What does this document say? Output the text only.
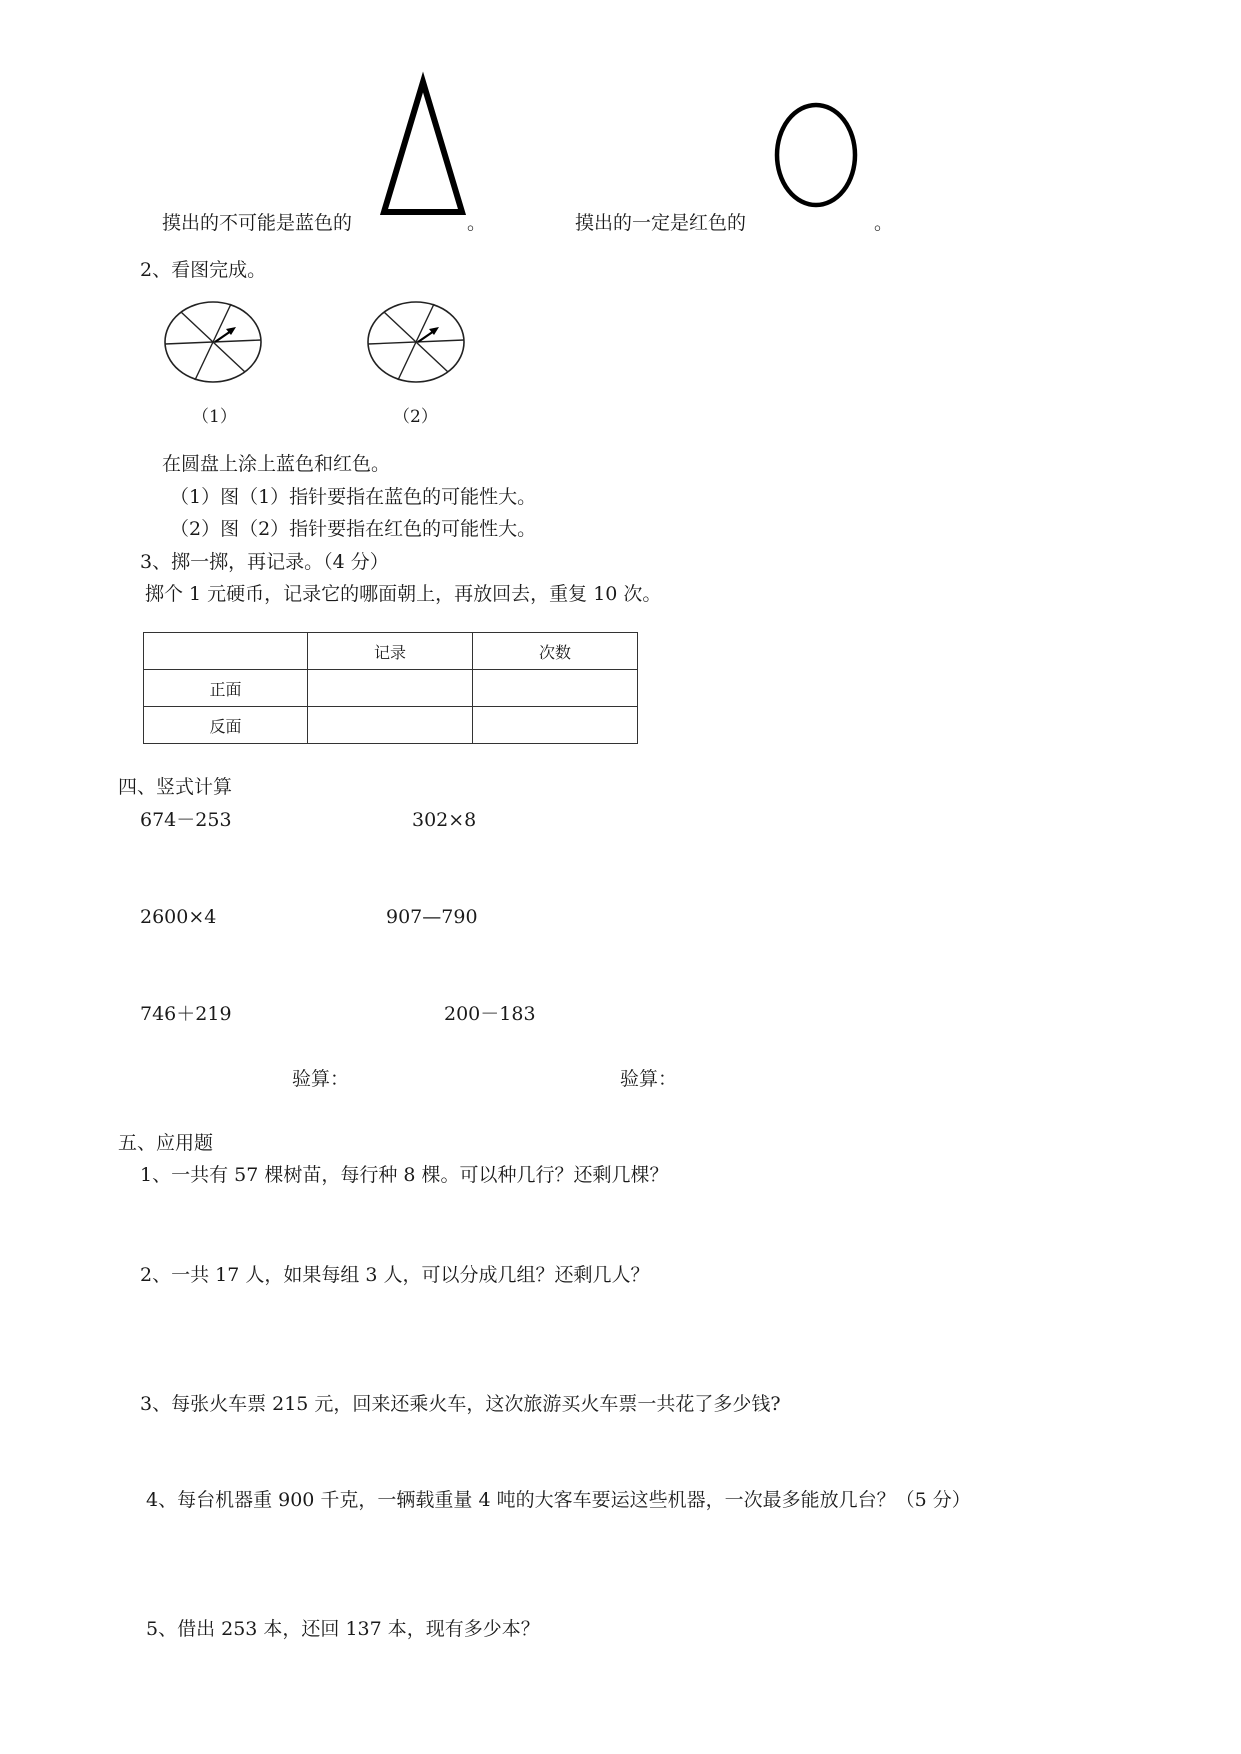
摸出的不可能是蓝色的	。	摸出的一定是红色的	。
2、看图完成。
（1）	（2）
在圆盘上涂上蓝色和红色。
（1）图（1）指针要指在蓝色的可能性大。
（2）图（2）指针要指在红色的可能性大。
3、掷一掷，再记录。（4 分）
掷个 1 元硬币，记录它的哪面朝上，再放回去，重复 10 次。
	记录	次数
正面		
反面		
四、竖式计算
674－253	302×8
2600×4	907—790
746＋219	200－183
验算：	验算：
五、应用题
1、一共有 57 棵树苗，每行种 8 棵。可以种几行？还剩几棵？
2、一共 17 人，如果每组 3 人，可以分成几组？还剩几人？
3、每张火车票 215 元，回来还乘火车，这次旅游买火车票一共花了多少钱?
4、每台机器重 900 千克，一辆载重量 4 吨的大客车要运这些机器，一次最多能放几台？（5 分）
5、借出 253 本，还回 137 本，现有多少本？
